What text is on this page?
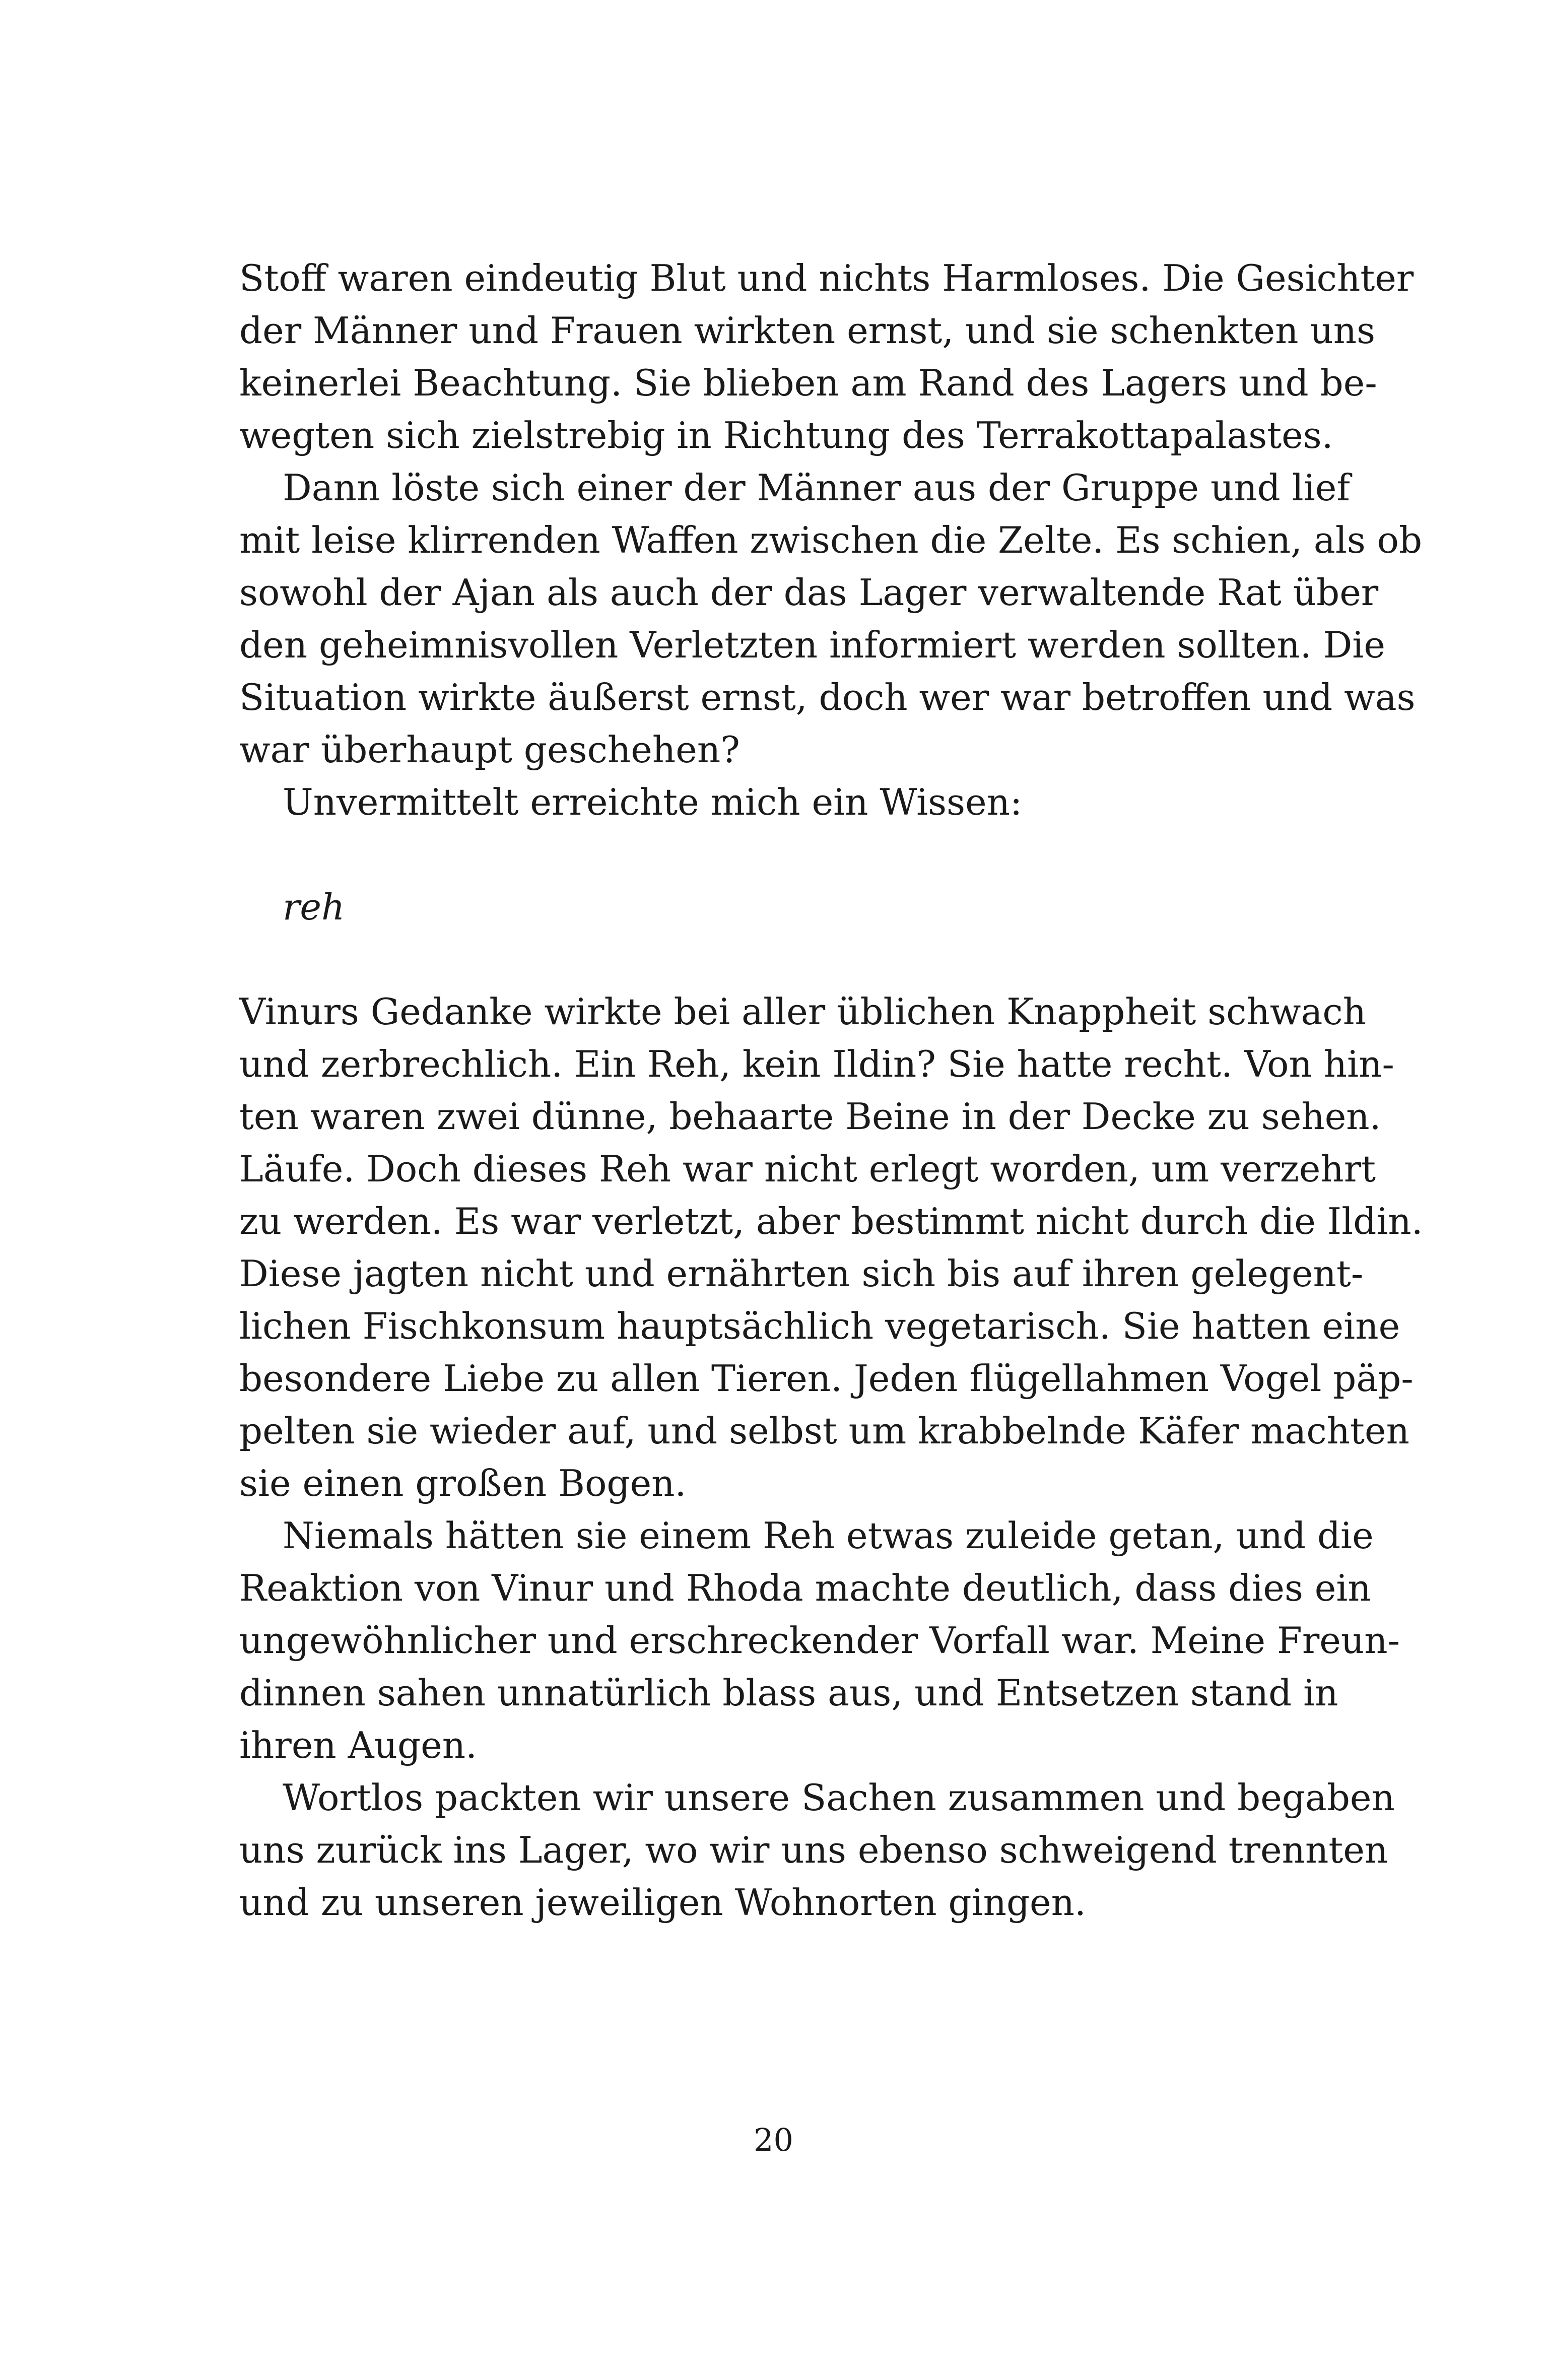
Stoff waren eindeutig Blut und nichts Harmloses. Die Gesichter
der Männer und Frauen wirkten ernst, und sie schenkten uns
keinerlei Beachtung. Sie blieben am Rand des Lagers und be-
wegten sich zielstrebig in Richtung des Terrakottapalastes.
Dann löste sich einer der Männer aus der Gruppe und lief
mit leise klirrenden Waffen zwischen die Zelte. Es schien, als ob
sowohl der Ajan als auch der das Lager verwaltende Rat über
den geheimnisvollen Verletzten informiert werden sollten. Die
Situation wirkte äußerst ernst, doch wer war betroffen und was
war überhaupt geschehen?
Unvermittelt erreichte mich ein Wissen:
reh
Vinurs Gedanke wirkte bei aller üblichen Knappheit schwach
und zerbrechlich. Ein Reh, kein Ildin? Sie hatte recht. Von hin-
ten waren zwei dünne, behaarte Beine in der Decke zu sehen.
Läufe. Doch dieses Reh war nicht erlegt worden, um verzehrt
zu werden. Es war verletzt, aber bestimmt nicht durch die Ildin.
Diese jagten nicht und ernährten sich bis auf ihren gelegent-
lichen Fischkonsum hauptsächlich vegetarisch. Sie hatten eine
besondere Liebe zu allen Tieren. Jeden flügellahmen Vogel päp-
pelten sie wieder auf, und selbst um krabbelnde Käfer machten
sie einen großen Bogen.
Niemals hätten sie einem Reh etwas zuleide getan, und die
Reaktion von Vinur und Rhoda machte deutlich, dass dies ein
ungewöhnlicher und erschreckender Vorfall war. Meine Freun-
dinnen sahen unnatürlich blass aus, und Entsetzen stand in
ihren Augen.
Wortlos packten wir unsere Sachen zusammen und begaben
uns zurück ins Lager, wo wir uns ebenso schweigend trennten
und zu unseren jeweiligen Wohnorten gingen.
20
